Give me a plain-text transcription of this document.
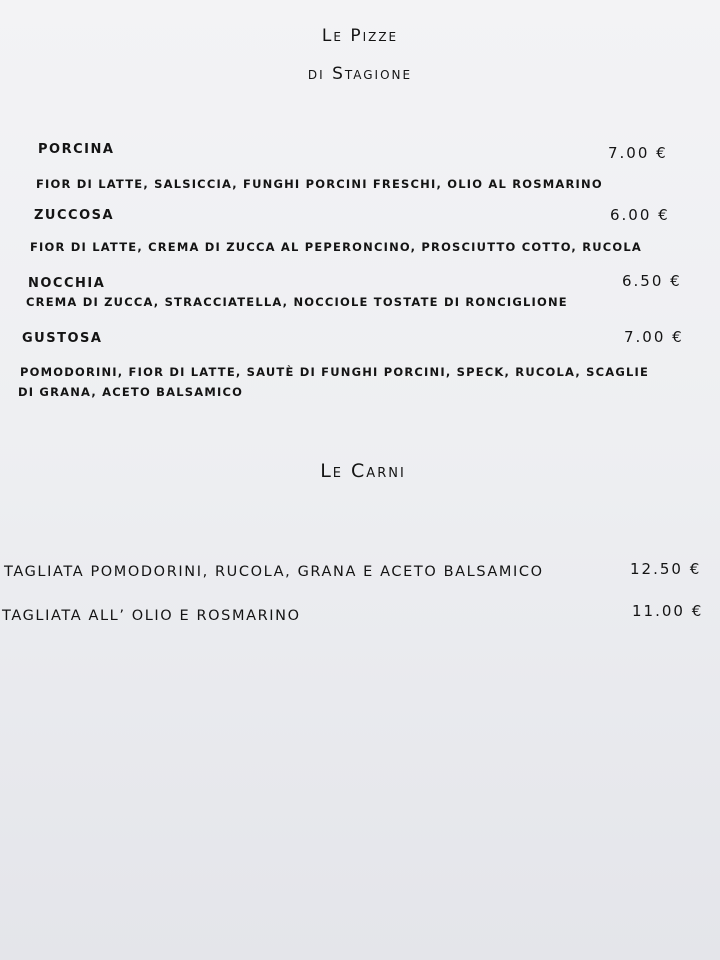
Le Pizze
di Stagione
PORCINA	7.00 €
FIOR DI LATTE, SALSICCIA, FUNGHI PORCINI FRESCHI, OLIO AL ROSMARINO
ZUCCOSA	6.00 €
FIOR DI LATTE, CREMA DI ZUCCA AL PEPERONCINO, PROSCIUTTO COTTO, RUCOLA
NOCCHIA	6.50 €
CREMA DI ZUCCA, STRACCIATELLA, NOCCIOLE TOSTATE DI RONCIGLIONE
GUSTOSA	7.00 €
POMODORINI, FIOR DI LATTE, SAUTÈ DI FUNGHI PORCINI, SPECK, RUCOLA, SCAGLIE
DI GRANA, ACETO BALSAMICO
Le Carni
TAGLIATA POMODORINI, RUCOLA, GRANA E ACETO BALSAMICO	12.50 €
TAGLIATA ALL’ OLIO E ROSMARINO	11.00 €
